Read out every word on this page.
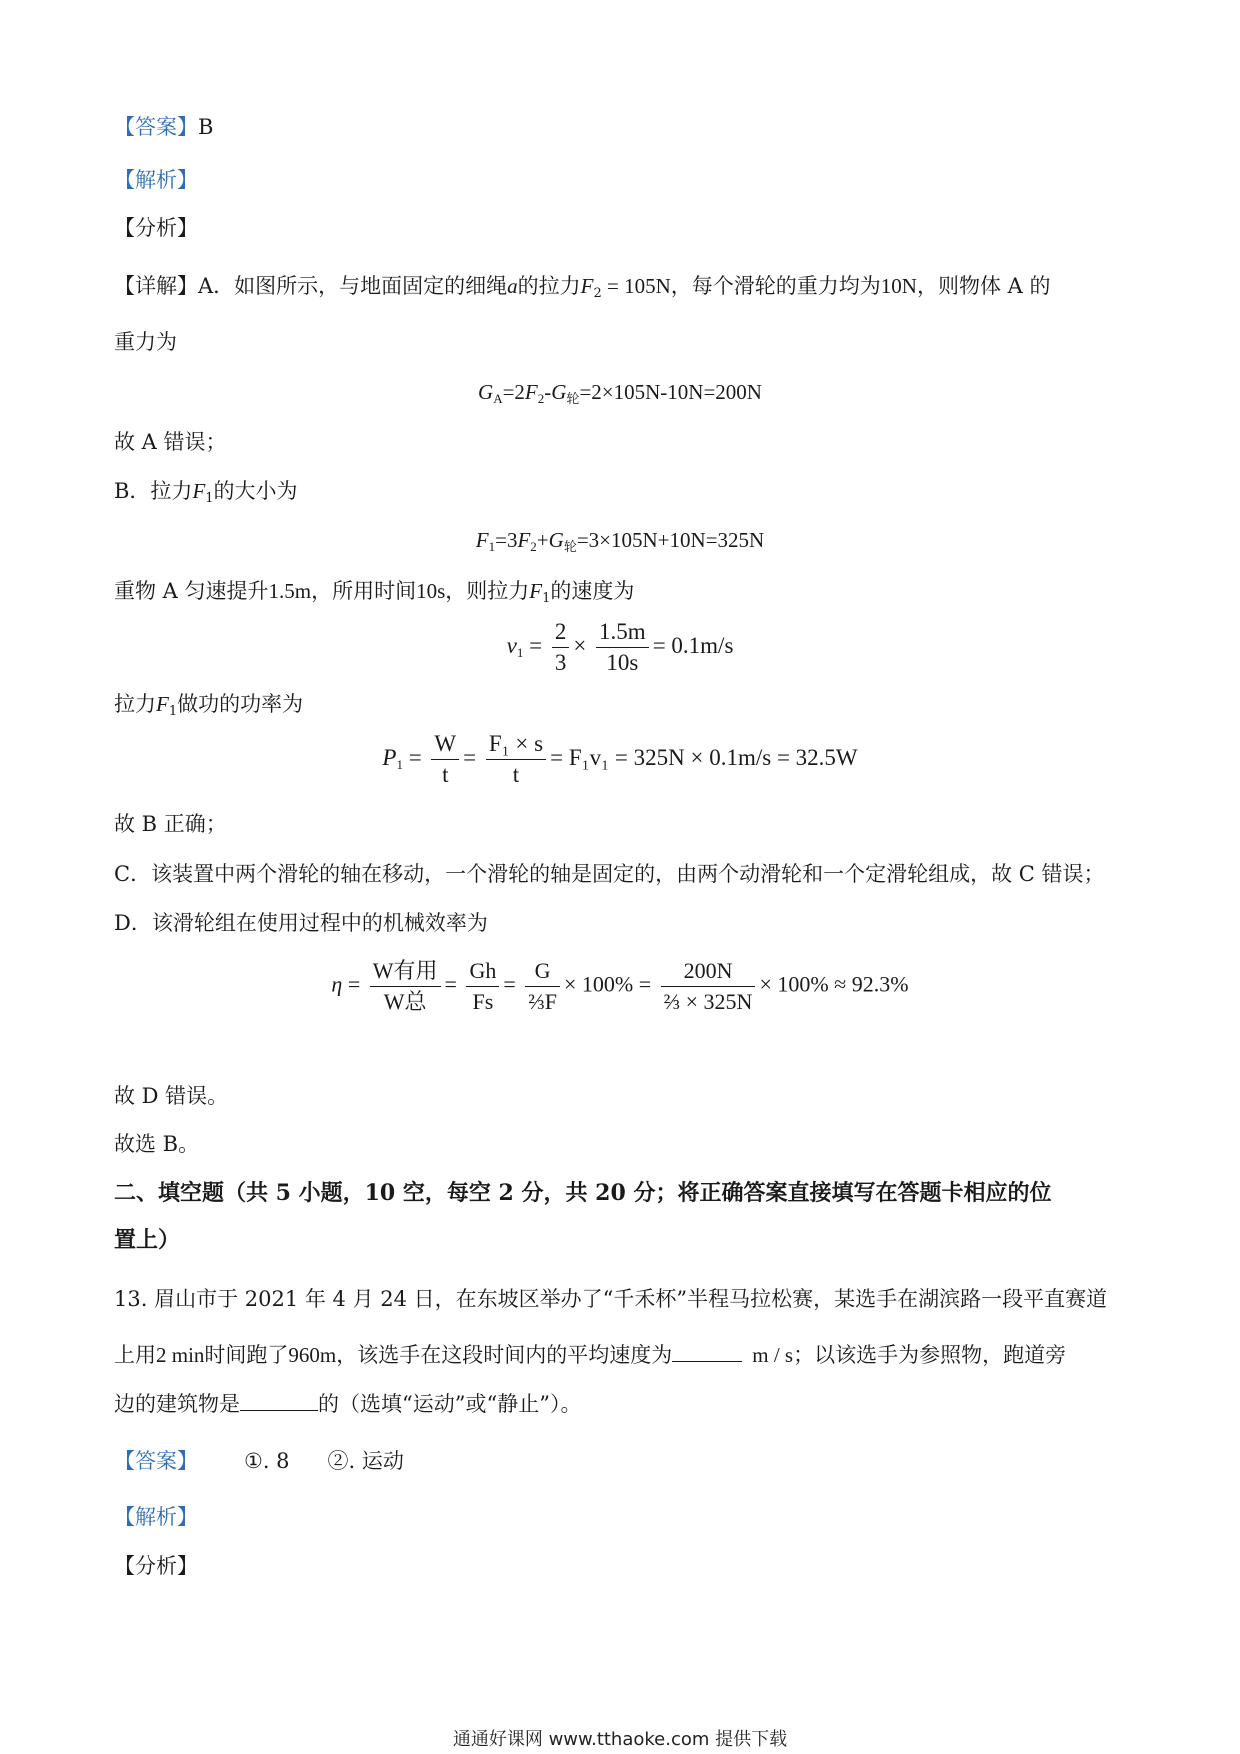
【答案】B
【解析】
【分析】
【详解】A．如图所示，与地面固定的细绳a的拉力$F_2 = 105N$，每个滑轮的重力均为10N，则物体 A 的
重力为
$G_A=2F_2-G_轮=2\times 105N-10N=200N$
故 A 错误；
B．拉力$F_1$的大小为
$F_1=3F_2+G_轮=3\times 105N+10N=325N$
重物 A 匀速提升1.5m，所用时间10s，则拉力$F_1$的速度为
$v_1 = \frac{2}{3} \times \frac{1.5m}{10s} = 0.1m/s$
拉力$F_1$做功的功率为
$P_1 = \frac{W}{t} = \frac{\text{F₁ × s}}{t} = F_1v_1 = 325N \times 0.1m/s = 32.5W$
故 B 正确；
C．该装置中两个滑轮的轴在移动，一个滑轮的轴是固定的，由两个动滑轮和一个定滑轮组成，故 C 错误；
D．该滑轮组在使用过程中的机械效率为
$\eta = \frac{\text{W有用}}{\text{W总}} = \frac{Gh}{Fs} = \frac{G}{\text{⅔F}} \times 100\% = \frac{200N}{\text{⅔ × 325N}} \times 100\% \approx 92.3\%$
故 D 错误。
故选 B。
二、填空题（共 5 小题，10 空，每空 2 分，共 20 分；将正确答案直接填写在答题卡相应的位
置上）
13. 眉山市于 2021 年 4 月 24 日，在东坡区举办了“千禾杯”半程马拉松赛，某选手在湖滨路一段平直赛道
上用2 min时间跑了960m，该选手在这段时间内的平均速度为	m / s；以该选手为参照物，跑道旁
边的建筑物是	的（选填“运动”或“静止”）。
【答案】 ①. 8 ②. 运动
【解析】
【分析】
通通好课网 www.tthaoke.com 提供下载
